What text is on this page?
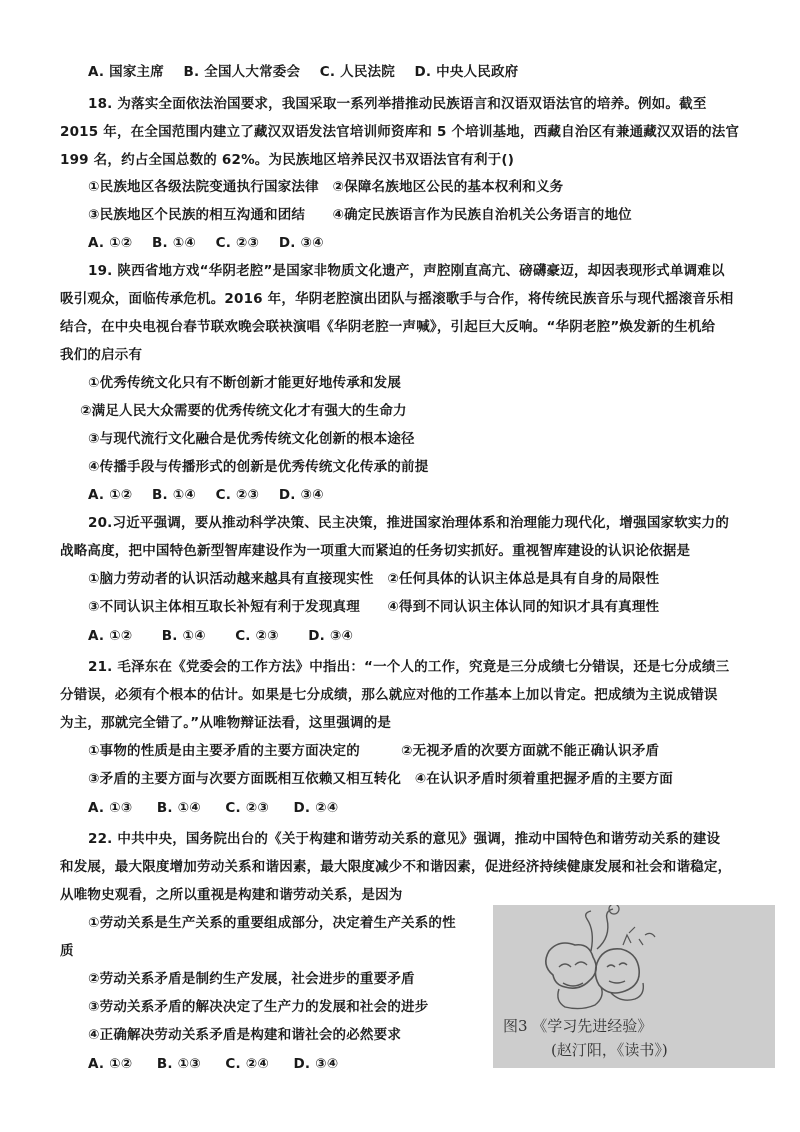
A. 国家主席 B. 全国人大常委会 C. 人民法院 D. 中央人民政府
18. 为落实全面依法治国要求，我国采取一系列举措推动民族语言和汉语双语法官的培养。例如。截至
2015 年，在全国范围内建立了藏汉双语发法官培训师资库和 5 个培训基地，西藏自治区有兼通藏汉双语的法官
199 名，约占全国总数的 62%。为民族地区培养民汉书双语法官有利于()
①民族地区各级法院变通执行国家法律　②保障名族地区公民的基本权利和义务
③民族地区个民族的相互沟通和团结　　④确定民族语言作为民族自治机关公务语言的地位
A. ①② B. ①④ C. ②③ D. ③④
19. 陕西省地方戏“华阴老腔”是国家非物质文化遗产，声腔刚直高亢、磅礴豪迈，却因表现形式单调难以
吸引观众，面临传承危机。2016 年，华阴老腔演出团队与摇滚歌手与合作，将传统民族音乐与现代摇滚音乐相
结合，在中央电视台春节联欢晚会联袂演唱《华阴老腔一声喊》，引起巨大反响。“华阴老腔”焕发新的生机给
我们的启示有
①优秀传统文化只有不断创新才能更好地传承和发展
②满足人民大众需要的优秀传统文化才有强大的生命力
③与现代流行文化融合是优秀传统文化创新的根本途径
④传播手段与传播形式的创新是优秀传统文化传承的前提
A. ①② B. ①④ C. ②③ D. ③④
20.习近平强调，要从推动科学决策、民主决策，推进国家治理体系和治理能力现代化，增强国家软实力的
战略高度，把中国特色新型智库建设作为一项重大而紧迫的任务切实抓好。重视智库建设的认识论依据是
①脑力劳动者的认识活动越来越具有直接现实性　②任何具体的认识主体总是具有自身的局限性
③不同认识主体相互取长补短有利于发现真理　　④得到不同认识主体认同的知识才具有真理性
A. ①② B. ①④ C. ②③ D. ③④
21. 毛泽东在《党委会的工作方法》中指出：“一个人的工作，究竟是三分成绩七分错误，还是七分成绩三
分错误，必须有个根本的估计。如果是七分成绩，那么就应对他的工作基本上加以肯定。把成绩为主说成错误
为主，那就完全错了。”从唯物辩证法看，这里强调的是
①事物的性质是由主要矛盾的主要方面决定的　　　②无视矛盾的次要方面就不能正确认识矛盾
③矛盾的主要方面与次要方面既相互依赖又相互转化　④在认识矛盾时须着重把握矛盾的主要方面
A. ①③ B. ①④ C. ②③ D. ②④
22. 中共中央，国务院出台的《关于构建和谐劳动关系的意见》强调，推动中国特色和谐劳动关系的建设
和发展，最大限度增加劳动关系和谐因素，最大限度减少不和谐因素，促进经济持续健康发展和社会和谐稳定，
从唯物史观看，之所以重视是构建和谐劳动关系，是因为
①劳动关系是生产关系的重要组成部分，决定着生产关系的性
质
②劳动关系矛盾是制约生产发展，社会进步的重要矛盾
③劳动关系矛盾的解决决定了生产力的发展和社会的进步
④正确解决劳动关系矛盾是构建和谐社会的必然要求
A. ①② B. ①③ C. ②④ D. ③④
图3 《学习先进经验》
(赵汀阳，《读书》)
